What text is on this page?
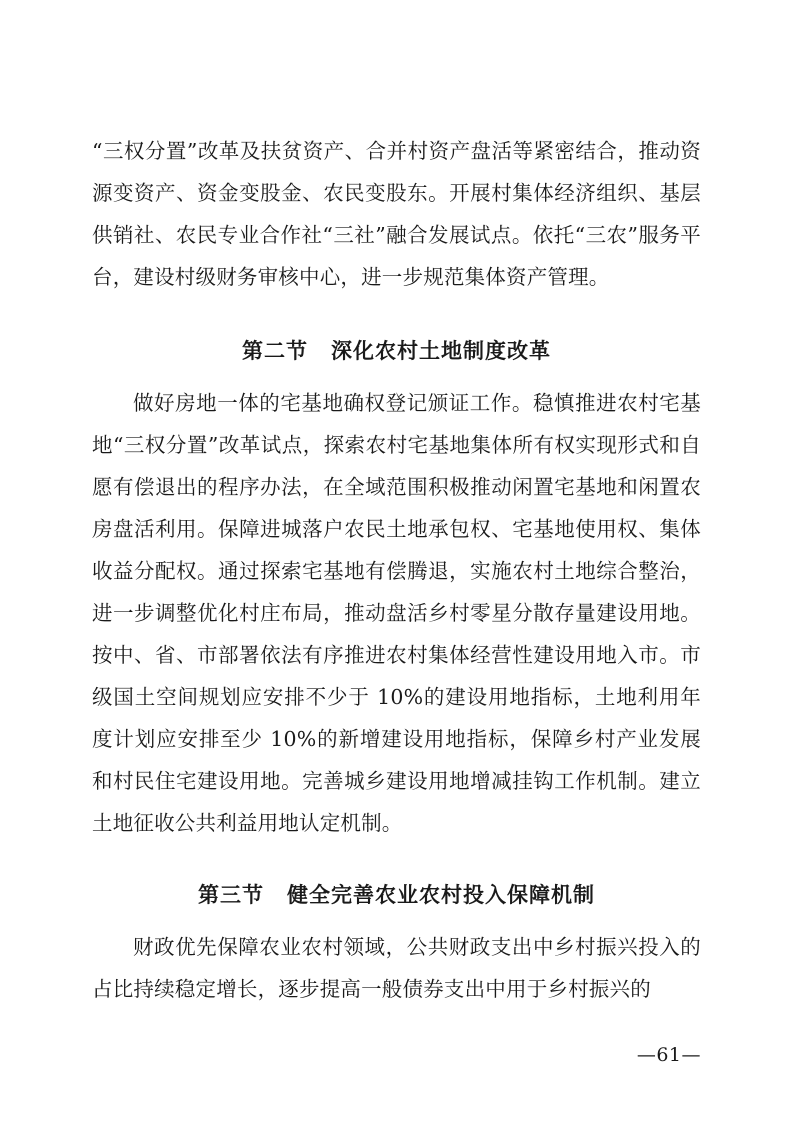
“三权分置”改革及扶贫资产、合并村资产盘活等紧密结合，推动资源变资产、资金变股金、农民变股东。开展村集体经济组织、基层供销社、农民专业合作社“三社”融合发展试点。依托“三农”服务平台，建设村级财务审核中心，进一步规范集体资产管理。

第二节 深化农村土地制度改革

做好房地一体的宅基地确权登记颁证工作。稳慎推进农村宅基地“三权分置”改革试点，探索农村宅基地集体所有权实现形式和自愿有偿退出的程序办法，在全域范围积极推动闲置宅基地和闲置农房盘活利用。保障进城落户农民土地承包权、宅基地使用权、集体收益分配权。通过探索宅基地有偿腾退，实施农村土地综合整治，进一步调整优化村庄布局，推动盘活乡村零星分散存量建设用地。按中、省、市部署依法有序推进农村集体经营性建设用地入市。市级国土空间规划应安排不少于 10%的建设用地指标，土地利用年度计划应安排至少 10%的新增建设用地指标，保障乡村产业发展和村民住宅建设用地。完善城乡建设用地增减挂钩工作机制。建立土地征收公共利益用地认定机制。

第三节 健全完善农业农村投入保障机制

财政优先保障农业农村领域，公共财政支出中乡村振兴投入的占比持续稳定增长，逐步提高一般债券支出中用于乡村振兴的

—61—
